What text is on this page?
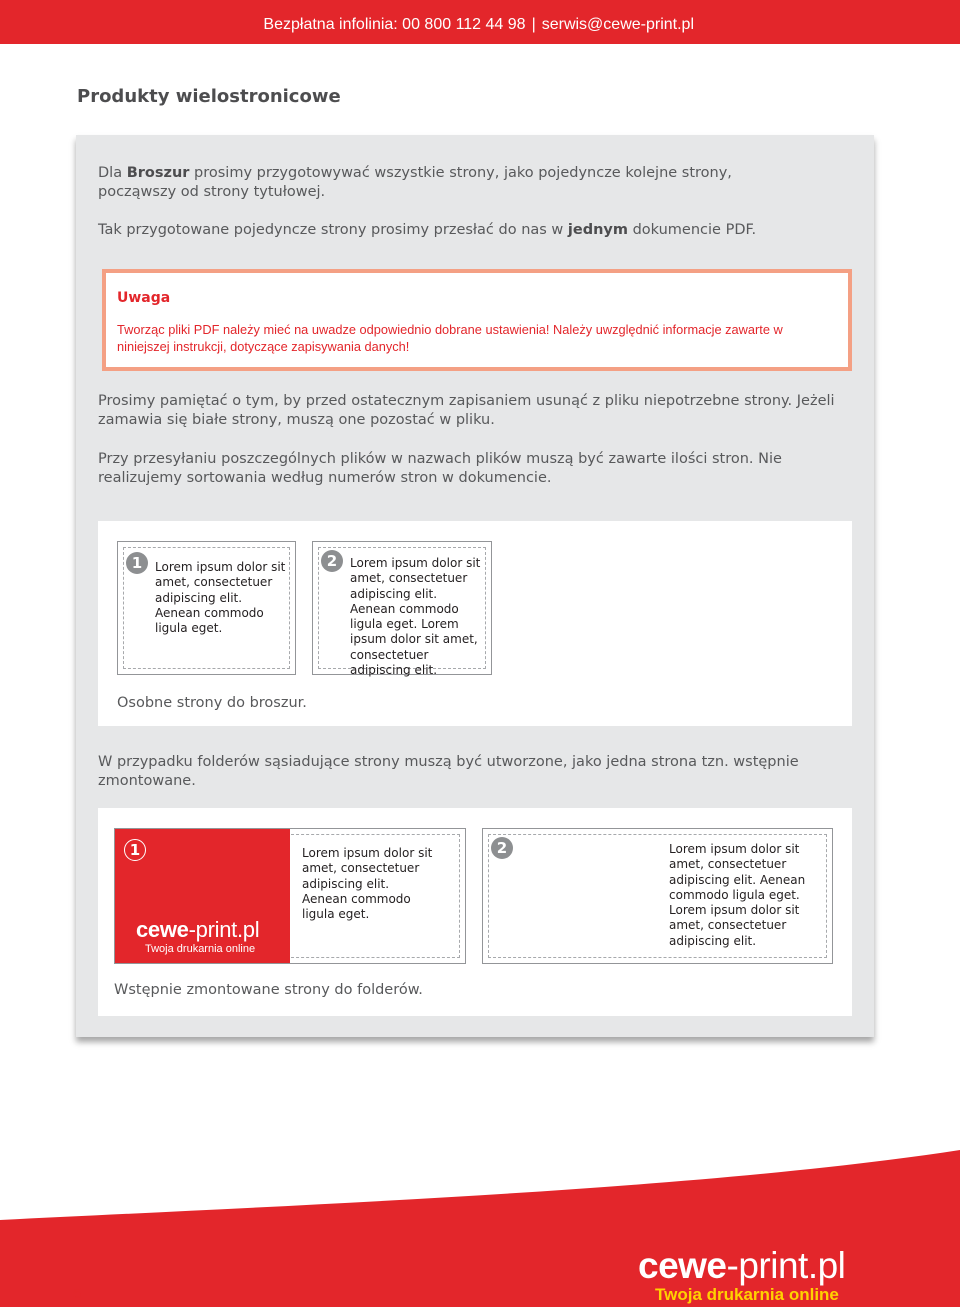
Bezpłatna infolinia: 00 800 112 44 98 | serwis@cewe-print.pl
Produkty wielostronicowe

Dla Broszur prosimy przygotowywać wszystkie strony, jako pojedyncze kolejne strony, począwszy od strony tytułowej.

Tak przygotowane pojedyncze strony prosimy przesłać do nas w jednym dokumencie PDF.

Uwaga

Tworząc pliki PDF należy mieć na uwadze odpowiednio dobrane ustawienia! Należy uwzględnić informacje zawarte w niniejszej instrukcji, dotyczące zapisywania danych!

Prosimy pamiętać o tym, by przed ostatecznym zapisaniem usunąć z pliku niepotrzebne strony. Jeżeli zamawia się białe strony, muszą one pozostać w pliku.

Przy przesyłaniu poszczególnych plików w nazwach plików muszą być zawarte ilości stron. Nie realizujemy sortowania według numerów stron w dokumencie.

1	Lorem ipsum dolor sit amet, consectetuer adipiscing elit. Aenean commodo ligula eget.

2	Lorem ipsum dolor sit amet, consectetuer adipiscing elit. Aenean commodo ligula eget. Lorem ipsum dolor sit amet, consectetuer adipiscing elit.

Osobne strony do broszur.

W przypadku folderów sąsiadujące strony muszą być utworzone, jako jedna strona tzn. wstępnie zmontowane.

1
cewe-print.pl
Twoja drukarnia online

Lorem ipsum dolor sit amet, consectetuer adipiscing elit. Aenean commodo ligula eget.

2	Lorem ipsum dolor sit amet, consectetuer adipiscing elit. Aenean commodo ligula eget. Lorem ipsum dolor sit amet, consectetuer adipiscing elit.

Wstępnie zmontowane strony do folderów.

5
cewe-print.pl
Twoja drukarnia online
